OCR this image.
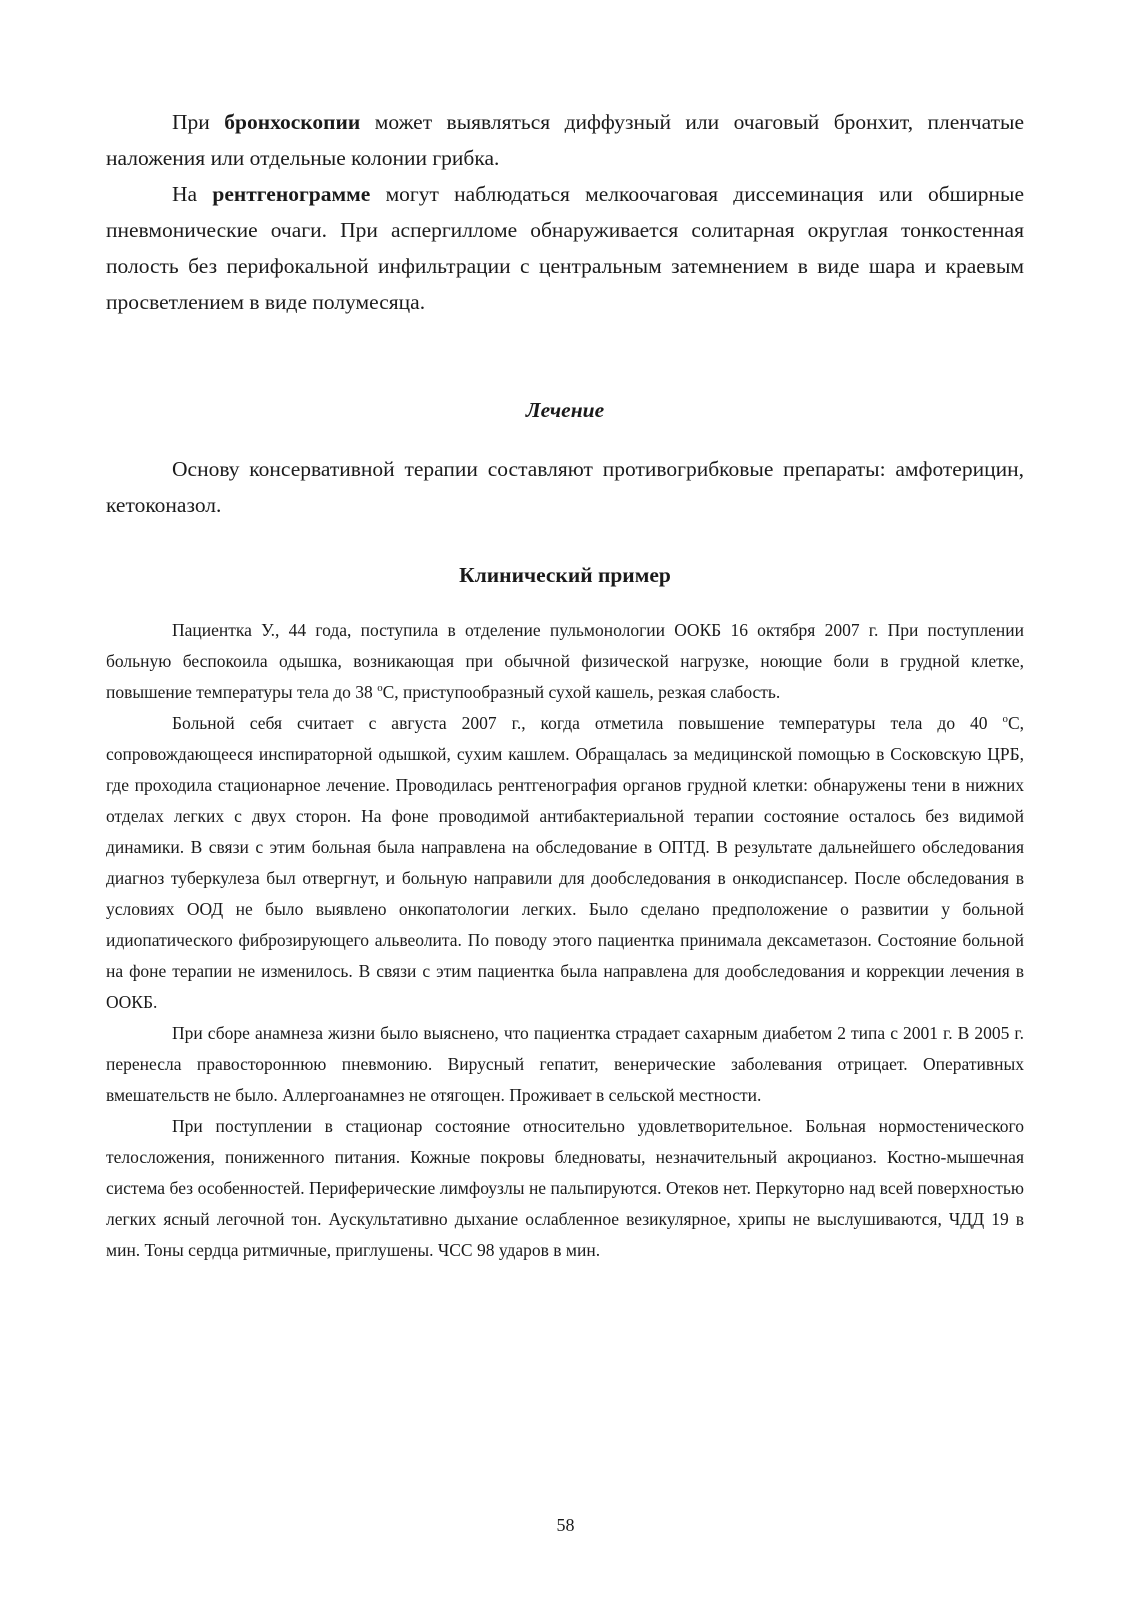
При бронхоскопии может выявляться диффузный или очаговый бронхит, пленчатые наложения или отдельные колонии грибка.

На рентгенограмме могут наблюдаться мелкоочаговая диссеминация или обширные пневмонические очаги. При аспергилломе обнаруживается солитарная округлая тонкостенная полость без перифокальной инфильтрации с центральным затемнением в виде шара и краевым просветлением в виде полумесяца.

Лечение

Основу консервативной терапии составляют противогрибковые препараты: амфотерицин, кетоконазол.

Клинический пример

Пациентка У., 44 года, поступила в отделение пульмонологии ООКБ 16 октября 2007 г. При поступлении больную беспокоила одышка, возникающая при обычной физической нагрузке, ноющие боли в грудной клетке, повышение температуры тела до 38 $^o$С, приступообразный сухой кашель, резкая слабость.

Больной себя считает с августа 2007 г., когда отметила повышение температуры тела до 40 $^o$С, сопровождающееся инспираторной одышкой, сухим кашлем. Обращалась за медицинской помощью в Сосковскую ЦРБ, где проходила стационарное лечение. Проводилась рентгенография органов грудной клетки: обнаружены тени в нижних отделах легких с двух сторон. На фоне проводимой антибактериальной терапии состояние осталось без видимой динамики. В связи с этим больная была направлена на обследование в ОПТД. В результате дальнейшего обследования диагноз туберкулеза был отвергнут, и больную направили для дообследования в онкодиспансер. После обследования в условиях ООД не было выявлено онкопатологии легких. Было сделано предположение о развитии у больной идиопатического фиброзирующего альвеолита. По поводу этого пациентка принимала дексаметазон. Состояние больной на фоне терапии не изменилось. В связи с этим пациентка была направлена для дообследования и коррекции лечения в ООКБ.

При сборе анамнеза жизни было выяснено, что пациентка страдает сахарным диабетом 2 типа с 2001 г. В 2005 г. перенесла правостороннюю пневмонию. Вирусный гепатит, венерические заболевания отрицает. Оперативных вмешательств не было. Аллергоанамнез не отягощен. Проживает в сельской местности.

При поступлении в стационар состояние относительно удовлетворительное. Больная нормостенического телосложения, пониженного питания. Кожные покровы бледноваты, незначительный акроцианоз. Костно-мышечная система без особенностей. Периферические лимфоузлы не пальпируются. Отеков нет. Перкуторно над всей поверхностью легких ясный легочной тон. Аускультативно дыхание ослабленное везикулярное, хрипы не выслушиваются, ЧДД 19 в мин. Тоны сердца ритмичные, приглушены. ЧСС 98 ударов в мин.

58
